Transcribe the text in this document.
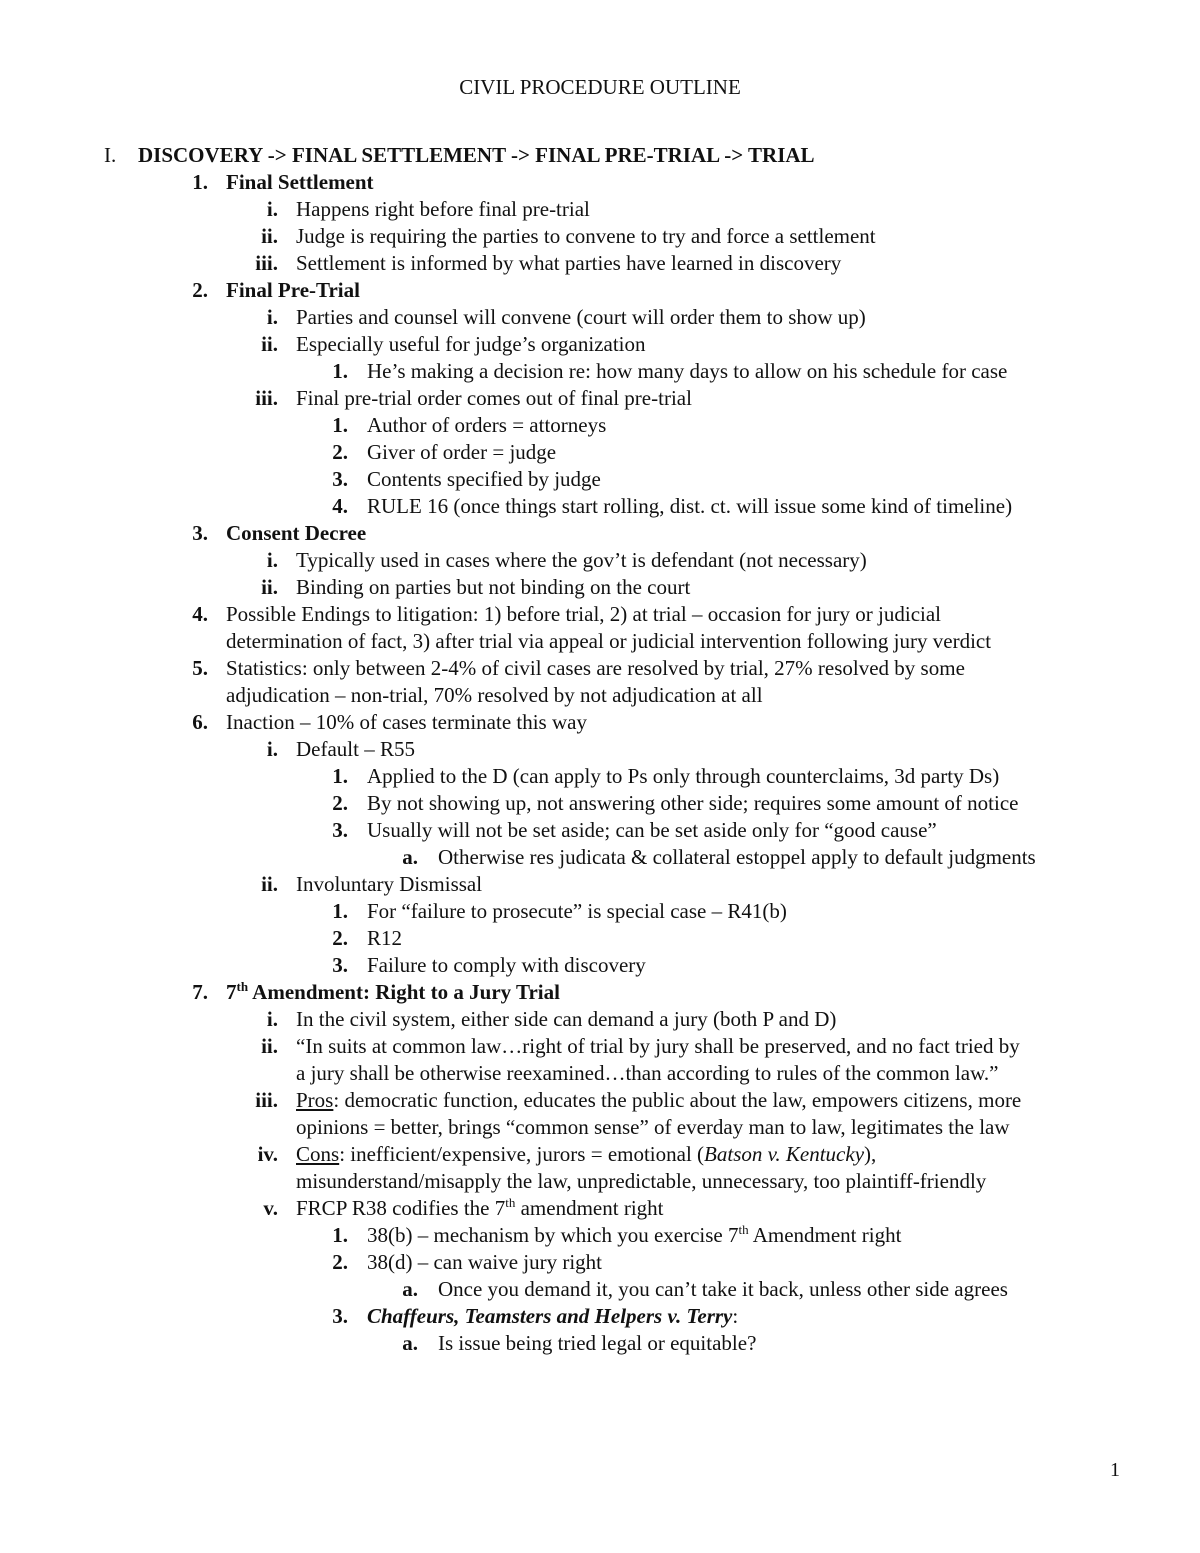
CIVIL PROCEDURE OUTLINE
I. DISCOVERY -> FINAL SETTLEMENT -> FINAL PRE-TRIAL -> TRIAL
1. Final Settlement
i. Happens right before final pre-trial
ii. Judge is requiring the parties to convene to try and force a settlement
iii. Settlement is informed by what parties have learned in discovery
2. Final Pre-Trial
i. Parties and counsel will convene (court will order them to show up)
ii. Especially useful for judge’s organization
1. He’s making a decision re: how many days to allow on his schedule for case
iii. Final pre-trial order comes out of final pre-trial
1. Author of orders = attorneys
2. Giver of order = judge
3. Contents specified by judge
4. RULE 16 (once things start rolling, dist. ct. will issue some kind of timeline)
3. Consent Decree
i. Typically used in cases where the gov’t is defendant (not necessary)
ii. Binding on parties but not binding on the court
4. Possible Endings to litigation: 1) before trial, 2) at trial – occasion for jury or judicial
determination of fact, 3) after trial via appeal or judicial intervention following jury verdict
5. Statistics: only between 2-4% of civil cases are resolved by trial, 27% resolved by some
adjudication – non-trial, 70% resolved by not adjudication at all
6. Inaction – 10% of cases terminate this way
i. Default – R55
1. Applied to the D (can apply to Ps only through counterclaims, 3d party Ds)
2. By not showing up, not answering other side; requires some amount of notice
3. Usually will not be set aside; can be set aside only for “good cause”
a. Otherwise res judicata & collateral estoppel apply to default judgments
ii. Involuntary Dismissal
1. For “failure to prosecute” is special case – R41(b)
2. R12
3. Failure to comply with discovery
7. 7th Amendment: Right to a Jury Trial
i. In the civil system, either side can demand a jury (both P and D)
ii. “In suits at common law…right of trial by jury shall be preserved, and no fact tried by
a jury shall be otherwise reexamined…than according to rules of the common law.”
iii. Pros: democratic function, educates the public about the law, empowers citizens, more
opinions = better, brings “common sense” of everday man to law, legitimates the law
iv. Cons: inefficient/expensive, jurors = emotional (Batson v. Kentucky),
misunderstand/misapply the law, unpredictable, unnecessary, too plaintiff-friendly
v. FRCP R38 codifies the 7th amendment right
1. 38(b) – mechanism by which you exercise 7th Amendment right
2. 38(d) – can waive jury right
a. Once you demand it, you can’t take it back, unless other side agrees
3. Chaffeurs, Teamsters and Helpers v. Terry:
a. Is issue being tried legal or equitable?
1
